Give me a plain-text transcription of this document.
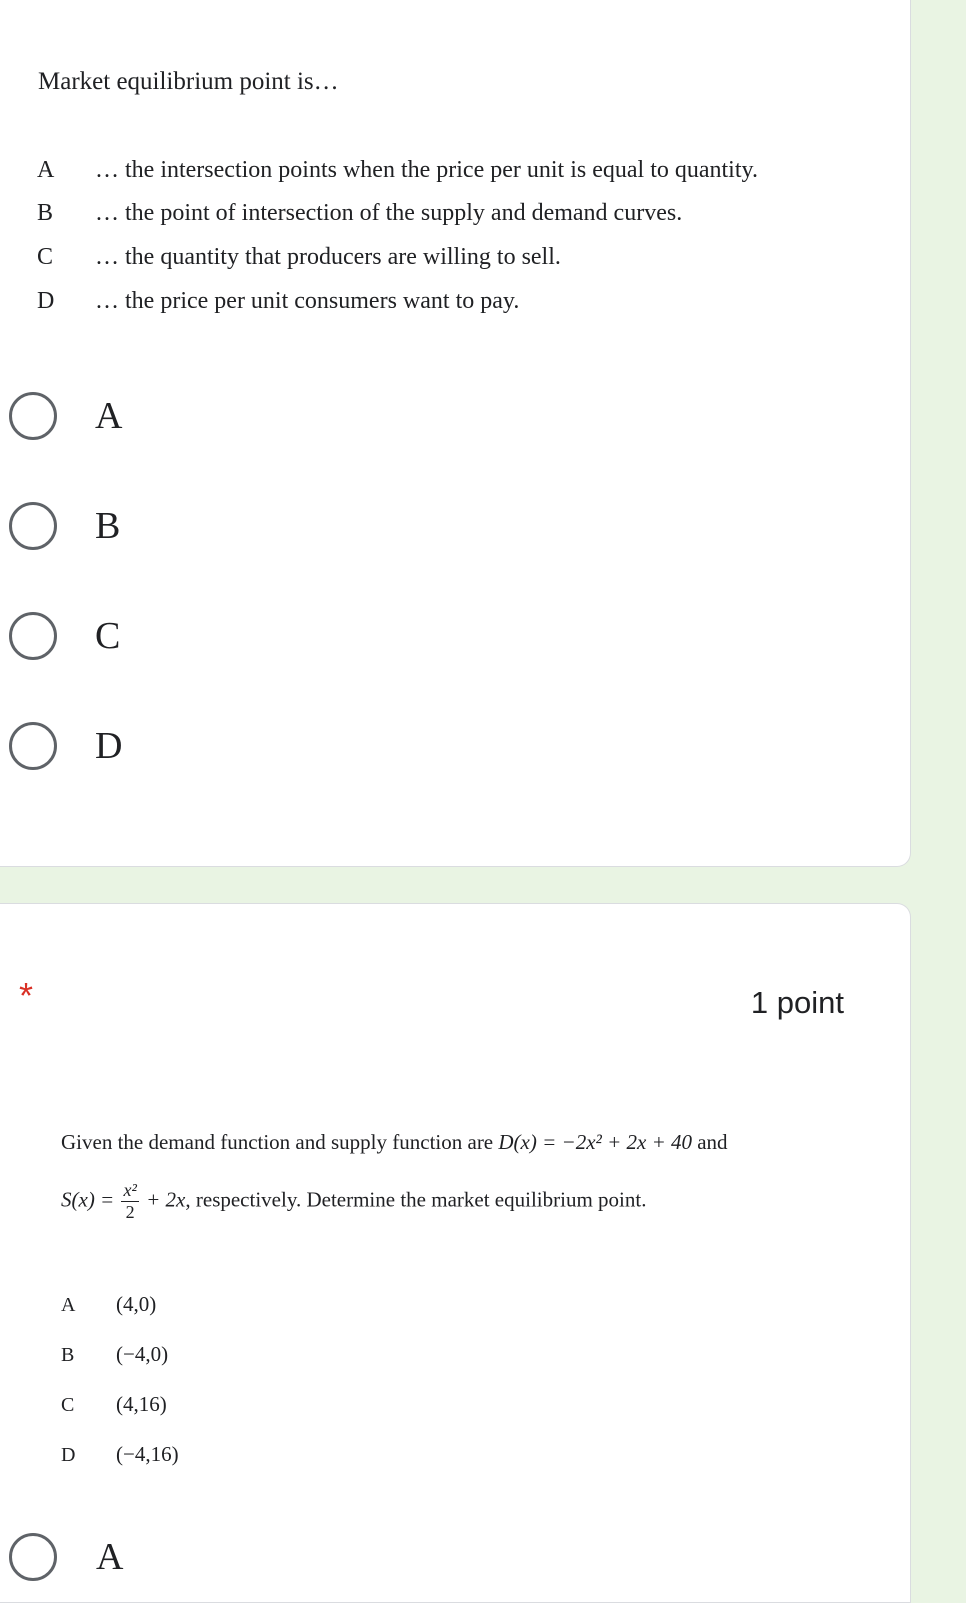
Market equilibrium point is…
A … the intersection points when the price per unit is equal to quantity.
B … the point of intersection of the supply and demand curves.
C … the quantity that producers are willing to sell.
D … the price per unit consumers want to pay.
A
B
C
D
*	1 point
Given the demand function and supply function are D(x) = −2x² + 2x + 40 and
$S(x) = \frac{\text{x²}}{2} + 2x$, respectively. Determine the market equilibrium point.
A (4,0)
B (−4,0)
C (4,16)
D (−4,16)
A
